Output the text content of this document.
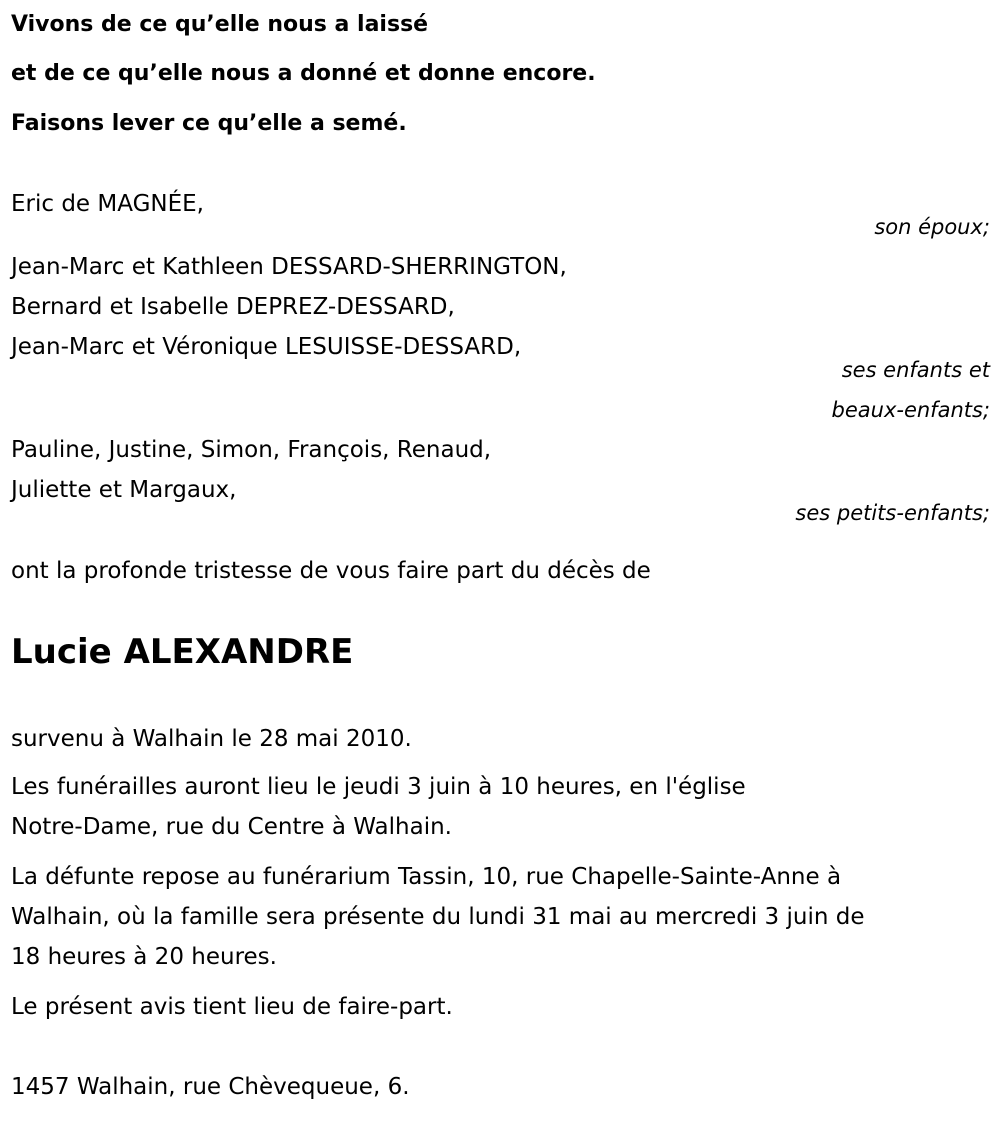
Vivons de ce qu’elle nous a laissé
et de ce qu’elle nous a donné et donne encore.
Faisons lever ce qu’elle a semé.
Eric de MAGNÉE,
son époux;
Jean-Marc et Kathleen DESSARD-SHERRINGTON,
Bernard et Isabelle DEPREZ-DESSARD,
Jean-Marc et Véronique LESUISSE-DESSARD,
ses enfants et
beaux-enfants;
Pauline, Justine, Simon, François, Renaud,
Juliette et Margaux,
ses petits-enfants;
ont la profonde tristesse de vous faire part du décès de
Lucie ALEXANDRE
survenu à Walhain le 28 mai 2010.
Les funérailles auront lieu le jeudi 3 juin à 10 heures, en l'église
Notre-Dame, rue du Centre à Walhain.
La défunte repose au funérarium Tassin, 10, rue Chapelle-Sainte-Anne à
Walhain, où la famille sera présente du lundi 31 mai au mercredi 3 juin de
18 heures à 20 heures.
Le présent avis tient lieu de faire-part.
1457 Walhain, rue Chèvequeue, 6.
